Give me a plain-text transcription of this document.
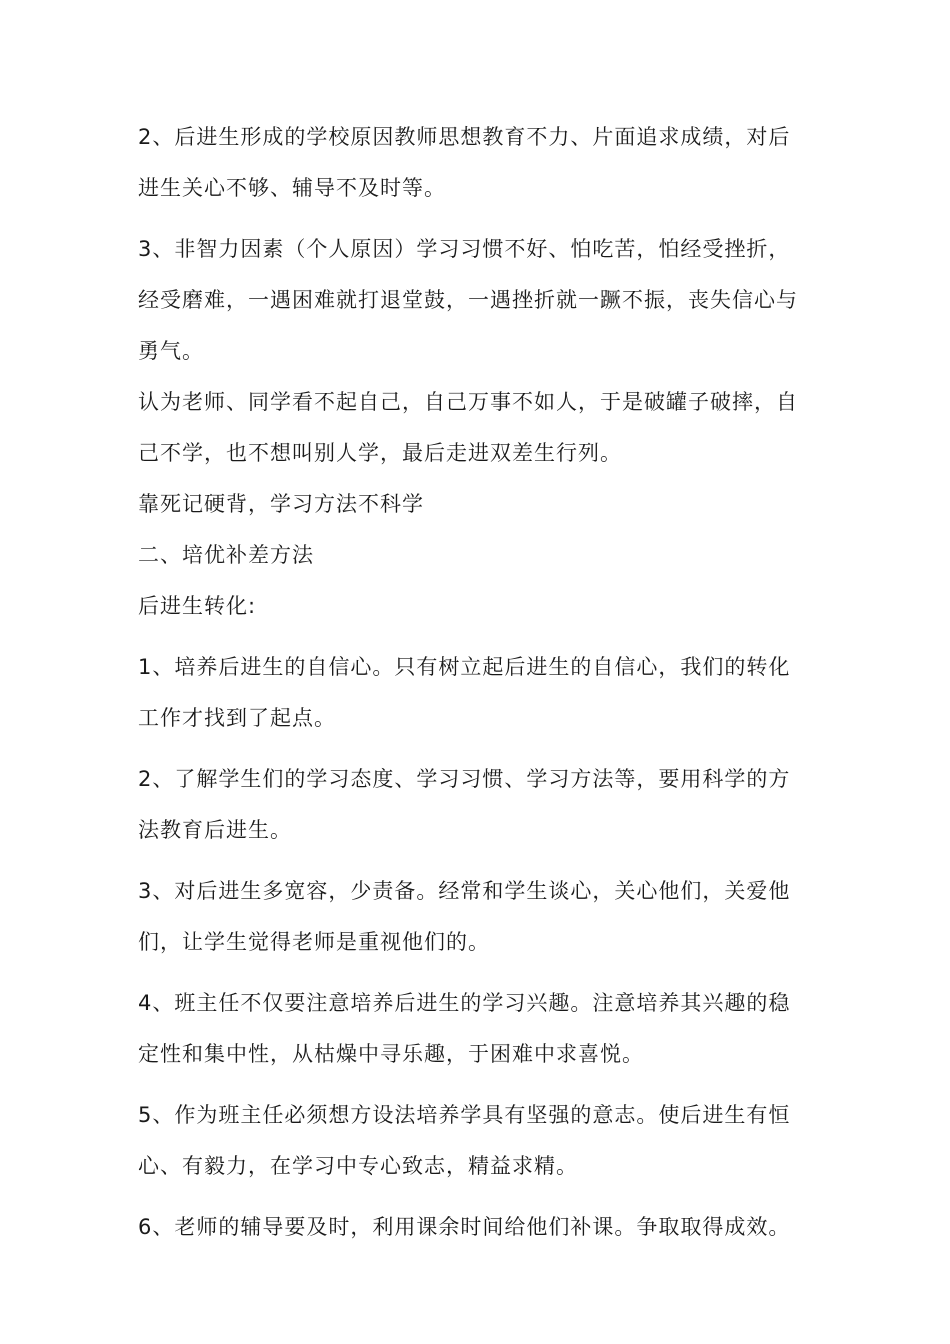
2、后进生形成的学校原因教师思想教育不力、片面追求成绩，对后进生关心不够、辅导不及时等。

3、非智力因素（个人原因）学习习惯不好、怕吃苦，怕经受挫折，经受磨难，一遇困难就打退堂鼓，一遇挫折就一蹶不振，丧失信心与勇气。

认为老师、同学看不起自己，自己万事不如人，于是破罐子破摔，自己不学，也不想叫别人学，最后走进双差生行列。

靠死记硬背，学习方法不科学

二、培优补差方法

后进生转化:

1、培养后进生的自信心。只有树立起后进生的自信心，我们的转化工作才找到了起点。

2、了解学生们的学习态度、学习习惯、学习方法等，要用科学的方法教育后进生。

3、对后进生多宽容，少责备。经常和学生谈心，关心他们，关爱他们，让学生觉得老师是重视他们的。

4、班主任不仅要注意培养后进生的学习兴趣。注意培养其兴趣的稳定性和集中性，从枯燥中寻乐趣，于困难中求喜悦。

5、作为班主任必须想方设法培养学具有坚强的意志。使后进生有恒心、有毅力，在学习中专心致志，精益求精。

6、老师的辅导要及时，利用课余时间给他们补课。争取取得成效。
